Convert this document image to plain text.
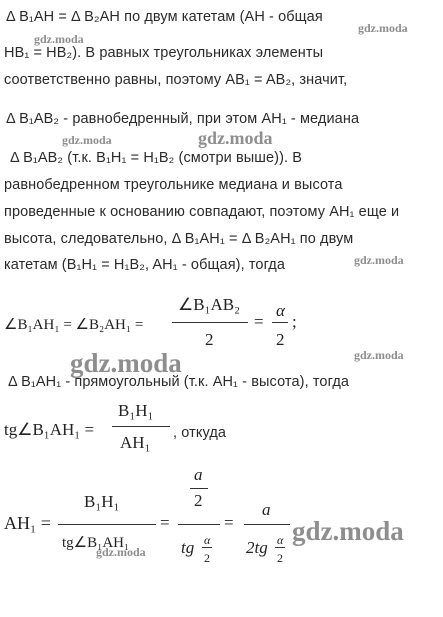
Δ B₁AH = Δ B₂AH по двум катетам (AH - общая
HB₁ = HB₂). В равных треугольниках элементы
соответственно равны, поэтому AB₁ = AB₂, значит,
Δ B₁AB₂ - равнобедренный, при этом AH₁ - медиана
Δ B₁AB₂ (т.к. B₁H₁ = H₁B₂ (смотри выше)). В
равнобедренном треугольнике медиана и высота
проведенные к основанию совпадают, поэтому AH₁ еще и
высота, следовательно, Δ B₁AH₁ = Δ B₂AH₁ по двум
катетам (B₁H₁ = H₁B₂, AH₁ - общая), тогда
Δ B₁AH₁ - прямоугольный (т.к. AH₁ - высота), тогда
∠B₁AH₁ = ∠B₂AH₁ =
∠B₁AB₂
2
=
α
2
;
tg∠B₁AH₁ =
B₁H₁
AH₁ , откуда
AH₁ =
B₁H₁
tg∠B₁AH₁
=
a
2
tg α
2
=
a
2tg α
2
gdz.moda
gdz.moda
gdz.moda	gdz.moda
gdz.moda
gdz.moda	gdz.moda
gdz.moda
gdz.moda
